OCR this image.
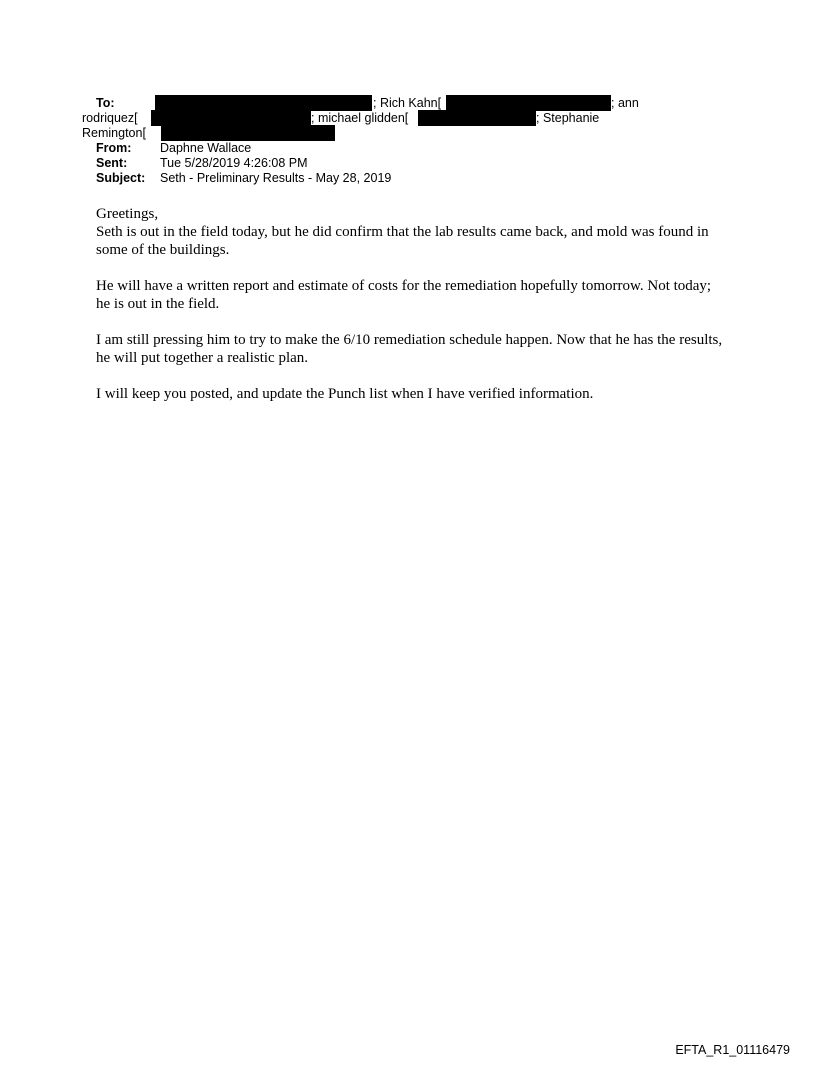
To:	; Rich Kahn[	; ann
rodriquez[	; michael glidden[	; Stephanie
Remington[
From: Daphne Wallace
Sent:	Tue 5/28/2019 4:26:08 PM
Subject: Seth - Preliminary Results - May 28, 2019

Greetings,
Seth is out in the field today, but he did confirm that the lab results came back, and mold was found in some of the buildings.

He will have a written report and estimate of costs for the remediation hopefully tomorrow. Not today; he is out in the field.

I am still pressing him to try to make the 6/10 remediation schedule happen. Now that he has the results, he will put together a realistic plan.

I will keep you posted, and update the Punch list when I have verified information.

EFTA_R1_01116479
